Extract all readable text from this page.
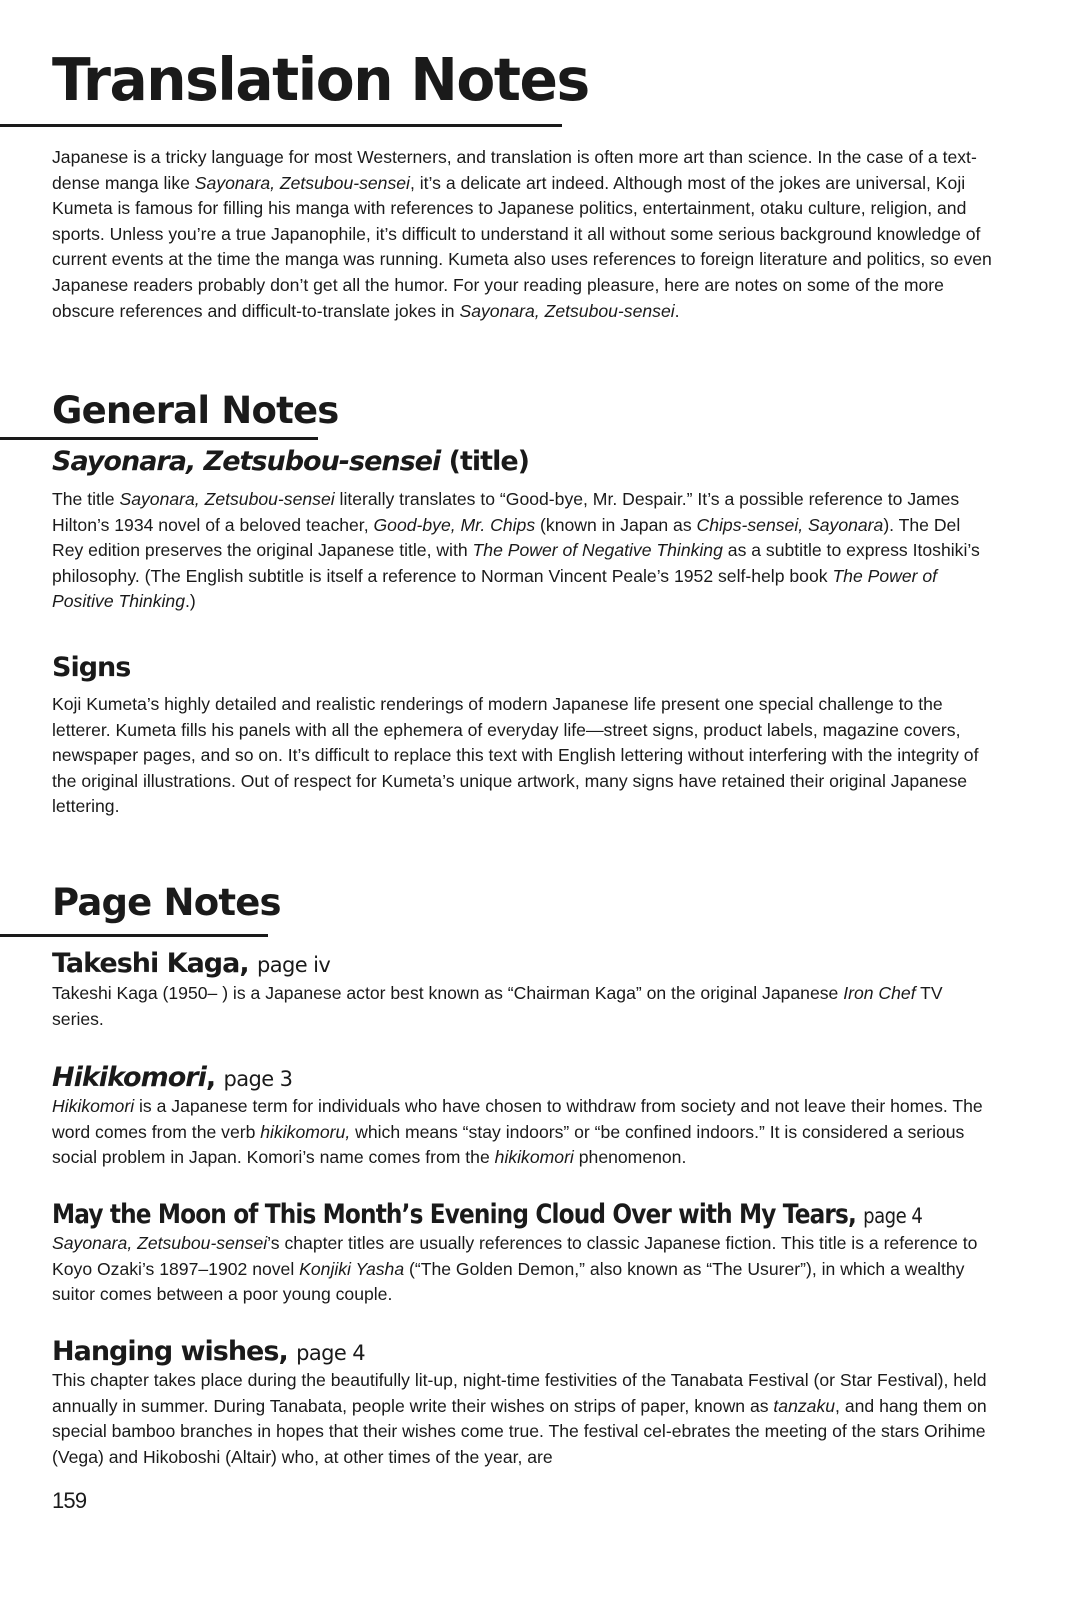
Translation Notes

Japanese is a tricky language for most Westerners, and translation is often more art than science. In the case of a text-dense manga like Sayonara, Zetsubou-sensei, it’s a delicate art indeed. Although most of the jokes are universal, Koji Kumeta is famous for filling his manga with references to Japanese politics, entertainment, otaku culture, religion, and sports. Unless you’re a true Japanophile, it’s difficult to understand it all without some serious background knowledge of current events at the time the manga was running. Kumeta also uses references to foreign literature and politics, so even Japanese readers probably don’t get all the humor. For your reading pleasure, here are notes on some of the more obscure references and difficult-to-translate jokes in Sayonara, Zetsubou-sensei.

General Notes
Sayonara, Zetsubou-sensei (title)

The title Sayonara, Zetsubou-sensei literally translates to “Good-bye, Mr. Despair.” It’s a possible reference to James Hilton’s 1934 novel of a beloved teacher, Good-bye, Mr. Chips (known in Japan as Chips-sensei, Sayonara). The Del Rey edition preserves the original Japanese title, with The Power of Negative Thinking as a subtitle to express Itoshiki’s philosophy. (The English subtitle is itself a reference to Norman Vincent Peale’s 1952 self-help book The Power of Positive Thinking.)

Signs

Koji Kumeta’s highly detailed and realistic renderings of modern Japanese life present one special challenge to the letterer. Kumeta fills his panels with all the ephemera of everyday life—street signs, product labels, magazine covers, newspaper pages, and so on. It’s difficult to replace this text with English lettering without interfering with the integrity of the original illustrations. Out of respect for Kumeta’s unique artwork, many signs have retained their original Japanese lettering.

Page Notes
Takeshi Kaga, page iv

Takeshi Kaga (1950– ) is a Japanese actor best known as “Chairman Kaga” on the original Japanese Iron Chef TV series.

Hikikomori, page 3

Hikikomori is a Japanese term for individuals who have chosen to withdraw from society and not leave their homes. The word comes from the verb hikikomoru, which means “stay indoors” or “be confined indoors.” It is considered a serious social problem in Japan. Komori’s name comes from the hikikomori phenomenon.

May the Moon of This Month’s Evening Cloud Over with My Tears, page 4

Sayonara, Zetsubou-sensei’s chapter titles are usually references to classic Japanese fiction. This title is a reference to Koyo Ozaki’s 1897–1902 novel Konjiki Yasha (“The Golden Demon,” also known as “The Usurer”), in which a wealthy suitor comes between a poor young couple.

Hanging wishes, page 4

This chapter takes place during the beautifully lit-up, night-time festivities of the Tanabata Festival (or Star Festival), held annually in summer. During Tanabata, people write their wishes on strips of paper, known as tanzaku, and hang them on special bamboo branches in hopes that their wishes come true. The festival cel-ebrates the meeting of the stars Orihime (Vega) and Hikoboshi (Altair) who, at other times of the year, are

159
